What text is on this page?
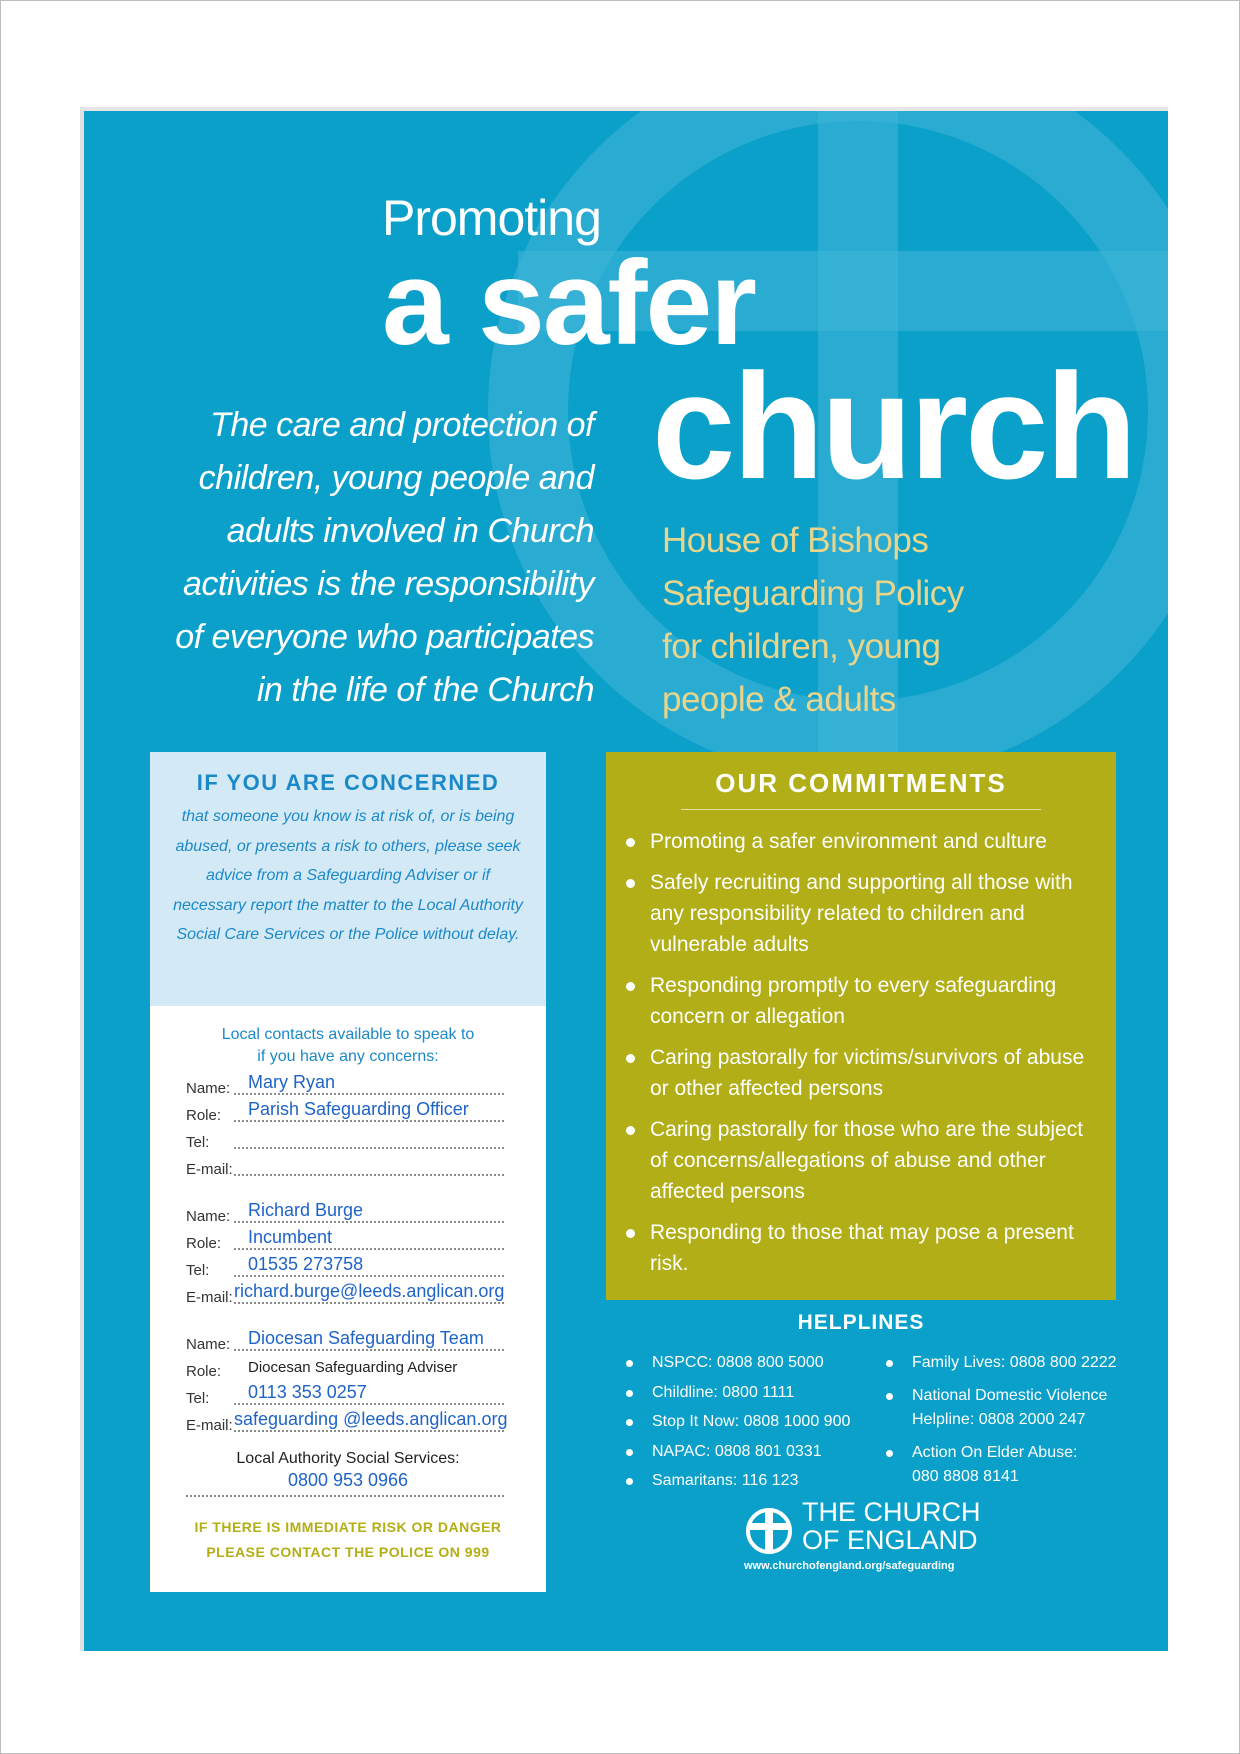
Promoting
a safer
church
The care and protection of
children, young people and
adults involved in Church
activities is the responsibility
of everyone who participates
in the life of the Church
House of Bishops
Safeguarding Policy
for children, young
people & adults
IF YOU ARE CONCERNED
that someone you know is at risk of, or is being abused, or presents a risk to others, please seek advice from a Safeguarding Adviser or if necessary report the matter to the Local Authority Social Care Services or the Police without delay.
Local contacts available to speak to
if you have any concerns:
Name: Mary Ryan
Role: Parish Safeguarding Officer
Tel:
E-mail:
Name: Richard Burge
Role: Incumbent
Tel: 01535 273758
E-mail: richard.burge@leeds.anglican.org
Name: Diocesan Safeguarding Team
Role: Diocesan Safeguarding Adviser
Tel: 0113 353 0257
E-mail: safeguarding @leeds.anglican.org
Local Authority Social Services:
0800 953 0966
IF THERE IS IMMEDIATE RISK OR DANGER
PLEASE CONTACT THE POLICE ON 999
OUR COMMITMENTS
Promoting a safer environment and culture
Safely recruiting and supporting all those with any responsibility related to children and vulnerable adults
Responding promptly to every safeguarding concern or allegation
Caring pastorally for victims/survivors of abuse or other affected persons
Caring pastorally for those who are the subject of concerns/allegations of abuse and other affected persons
Responding to those that may pose a present risk.
HELPLINES
NSPCC: 0808 800 5000
Childline: 0800 1111
Stop It Now: 0808 1000 900
NAPAC: 0808 801 0331
Samaritans: 116 123
Family Lives: 0808 800 2222
National Domestic Violence
Helpline: 0808 2000 247
Action On Elder Abuse:
080 8808 8141
THE CHURCH
OF ENGLAND
www.churchofengland.org/safeguarding
